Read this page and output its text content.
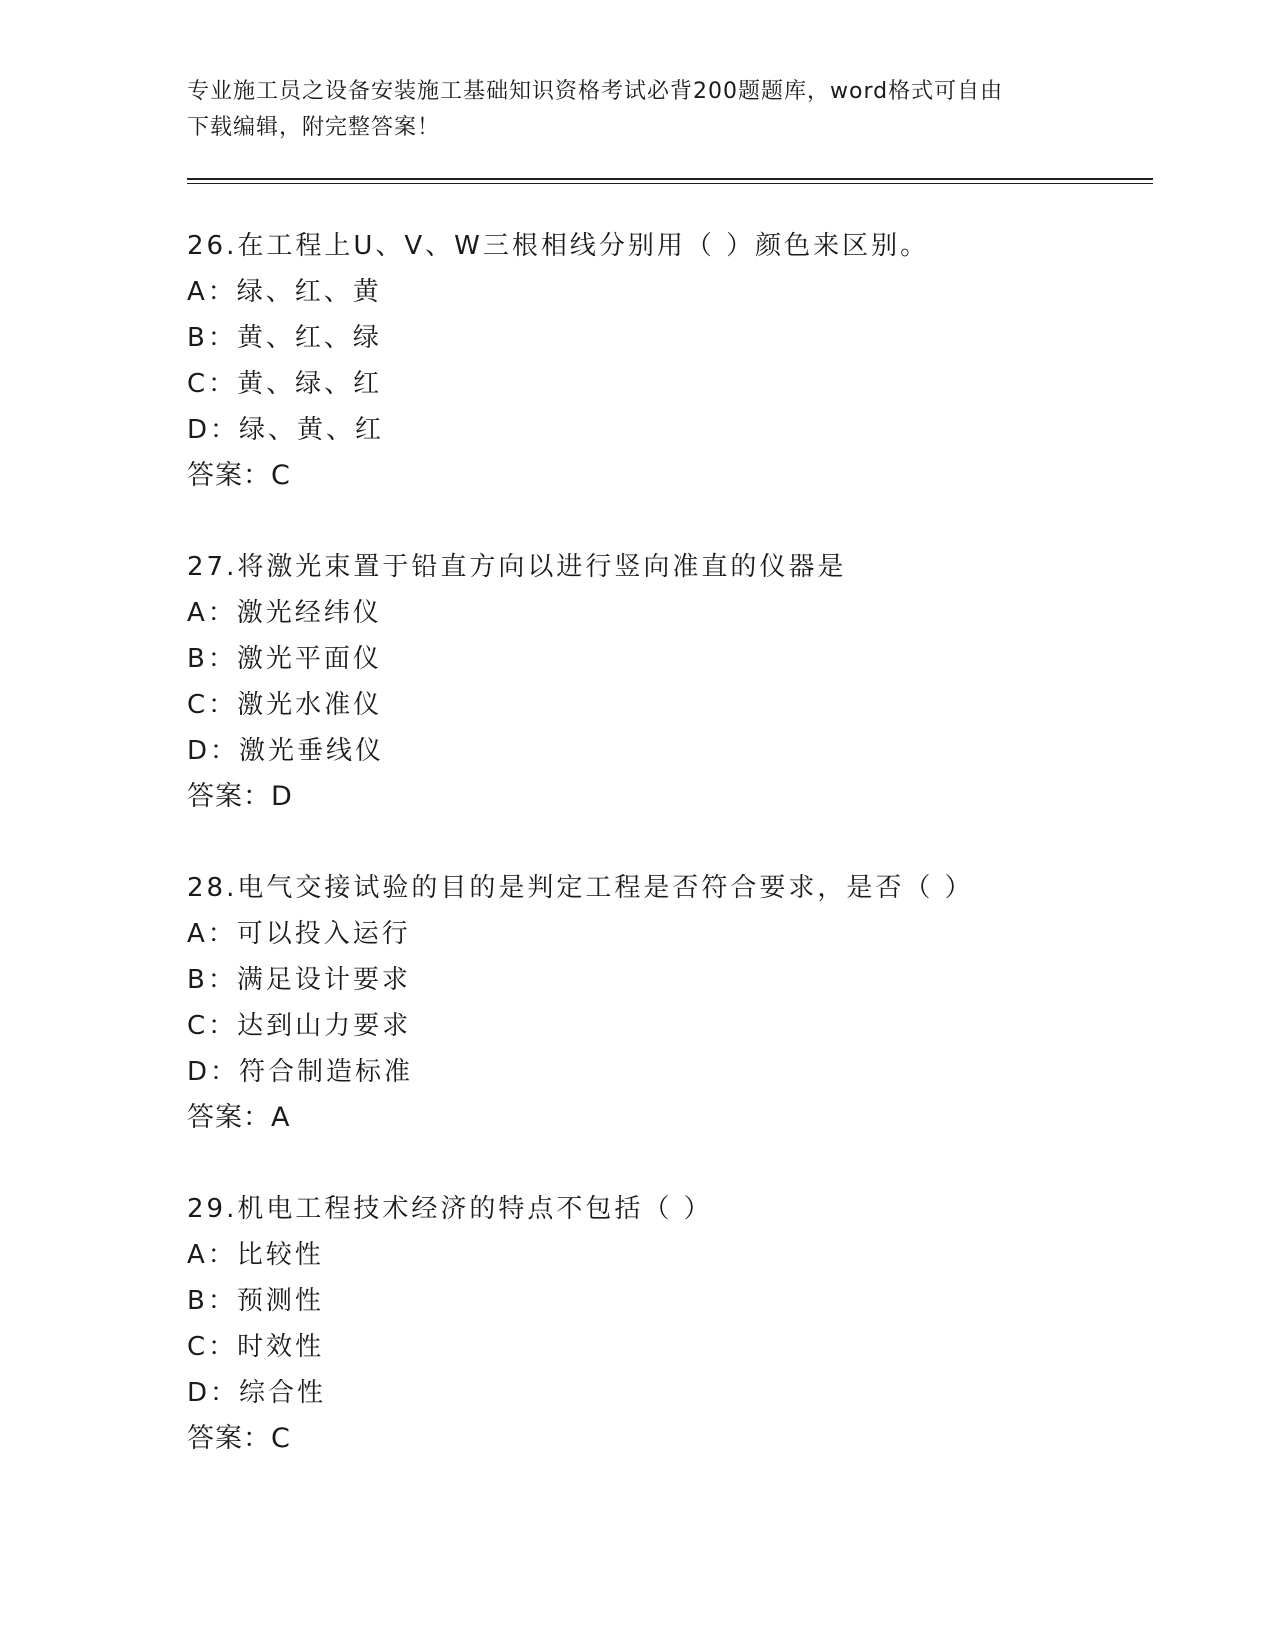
专业施工员之设备安装施工基础知识资格考试必背200题题库，word格式可自由
下载编辑，附完整答案！
26.在工程上U、V、W三根相线分别用（ ）颜色来区别。
A：绿、红、黄
B：黄、红、绿
C：黄、绿、红
D：绿、黄、红
答案：C
27.将激光束置于铅直方向以进行竖向准直的仪器是
A：激光经纬仪
B：激光平面仪
C：激光水准仪
D：激光垂线仪
答案：D
28.电气交接试验的目的是判定工程是否符合要求，是否（ ）
A：可以投入运行
B：满足设计要求
C：达到山力要求
D：符合制造标准
答案：A
29.机电工程技术经济的特点不包括（ ）
A：比较性
B：预测性
C：时效性
D：综合性
答案：C
